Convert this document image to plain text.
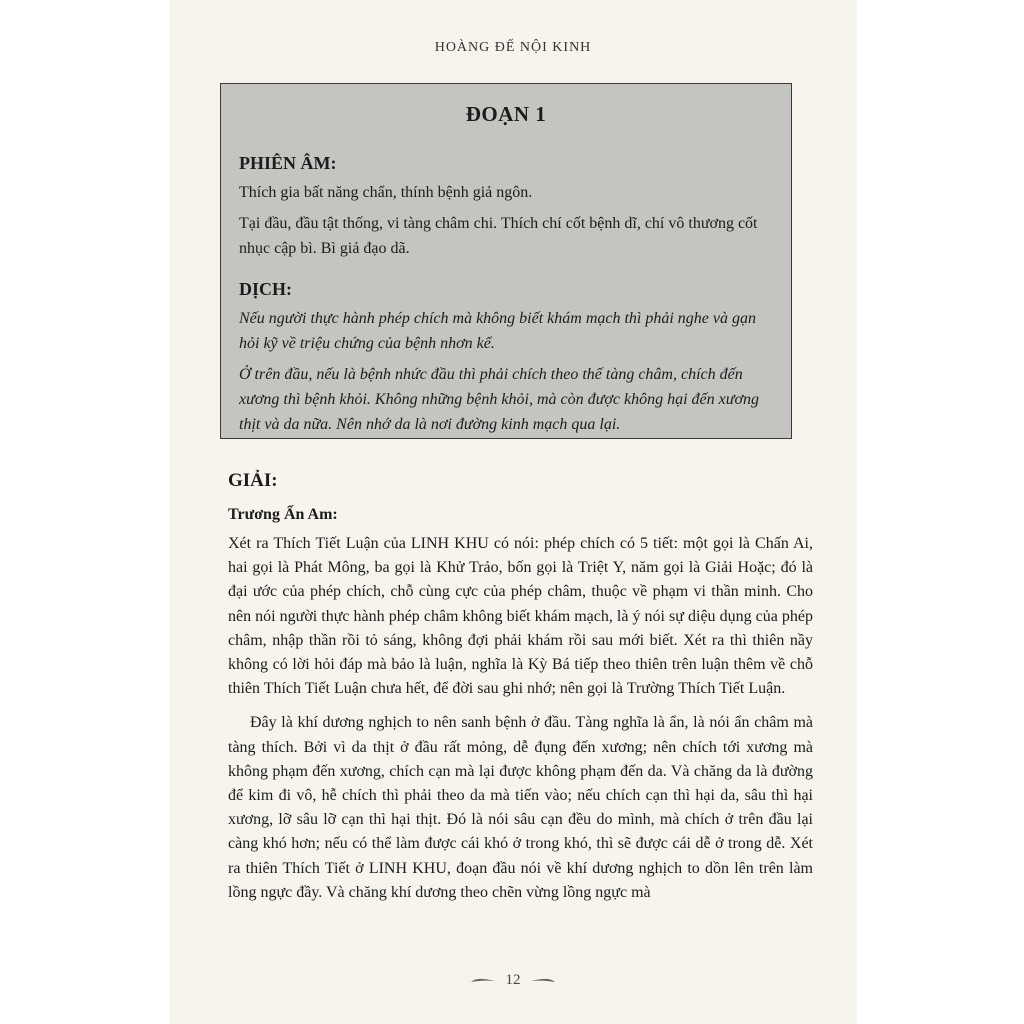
HOÀNG ĐẾ NỘI KINH
ĐOẠN 1
PHIÊN ÂM:

Thích gia bất năng chẩn, thính bệnh giả ngôn.

Tại đầu, đầu tật thống, vi tàng châm chi. Thích chí cốt bệnh dĩ, chí vô thương cốt nhục cập bì. Bì giả đạo dã.

DỊCH:

Nếu người thực hành phép chích mà không biết khám mạch thì phải nghe và gạn hỏi kỹ về triệu chứng của bệnh nhơn kể.

Ở trên đầu, nếu là bệnh nhức đầu thì phải chích theo thế tàng châm, chích đến xương thì bệnh khỏi. Không những bệnh khỏi, mà còn được không hại đến xương thịt và da nữa. Nên nhớ da là nơi đường kinh mạch qua lại.

GIẢI:
Trương Ẩn Am:

Xét ra Thích Tiết Luận của LINH KHU có nói: phép chích có 5 tiết: một gọi là Chấn Ai, hai gọi là Phát Mông, ba gọi là Khử Trảo, bốn gọi là Triệt Y, năm gọi là Giải Hoặc; đó là đại ước của phép chích, chỗ cùng cực của phép châm, thuộc về phạm vi thần minh. Cho nên nói người thực hành phép châm không biết khám mạch, là ý nói sự diệu dụng của phép châm, nhập thần rồi tỏ sáng, không đợi phải khám rồi sau mới biết. Xét ra thì thiên nầy không có lời hỏi đáp mà bảo là luận, nghĩa là Kỳ Bá tiếp theo thiên trên luận thêm về chỗ thiên Thích Tiết Luận chưa hết, để đời sau ghi nhớ; nên gọi là Trường Thích Tiết Luận.

Đây là khí dương nghịch to nên sanh bệnh ở đầu. Tàng nghĩa là ẩn, là nói ẩn châm mà tàng thích. Bởi vì da thịt ở đầu rất mỏng, dễ đụng đến xương; nên chích tới xương mà không phạm đến xương, chích cạn mà lại được không phạm đến da. Và chăng da là đường để kim đi vô, hễ chích thì phải theo da mà tiến vào; nếu chích cạn thì hại da, sâu thì hại xương, lỡ sâu lỡ cạn thì hại thịt. Đó là nói sâu cạn đều do mình, mà chích ở trên đầu lại càng khó hơn; nếu có thể làm được cái khó ở trong khó, thì sẽ được cái dễ ở trong dễ. Xét ra thiên Thích Tiết ở LINH KHU, đoạn đầu nói về khí dương nghịch to dồn lên trên làm lồng ngực đầy. Và chăng khí dương theo chẽn vừng lồng ngực mà

12
